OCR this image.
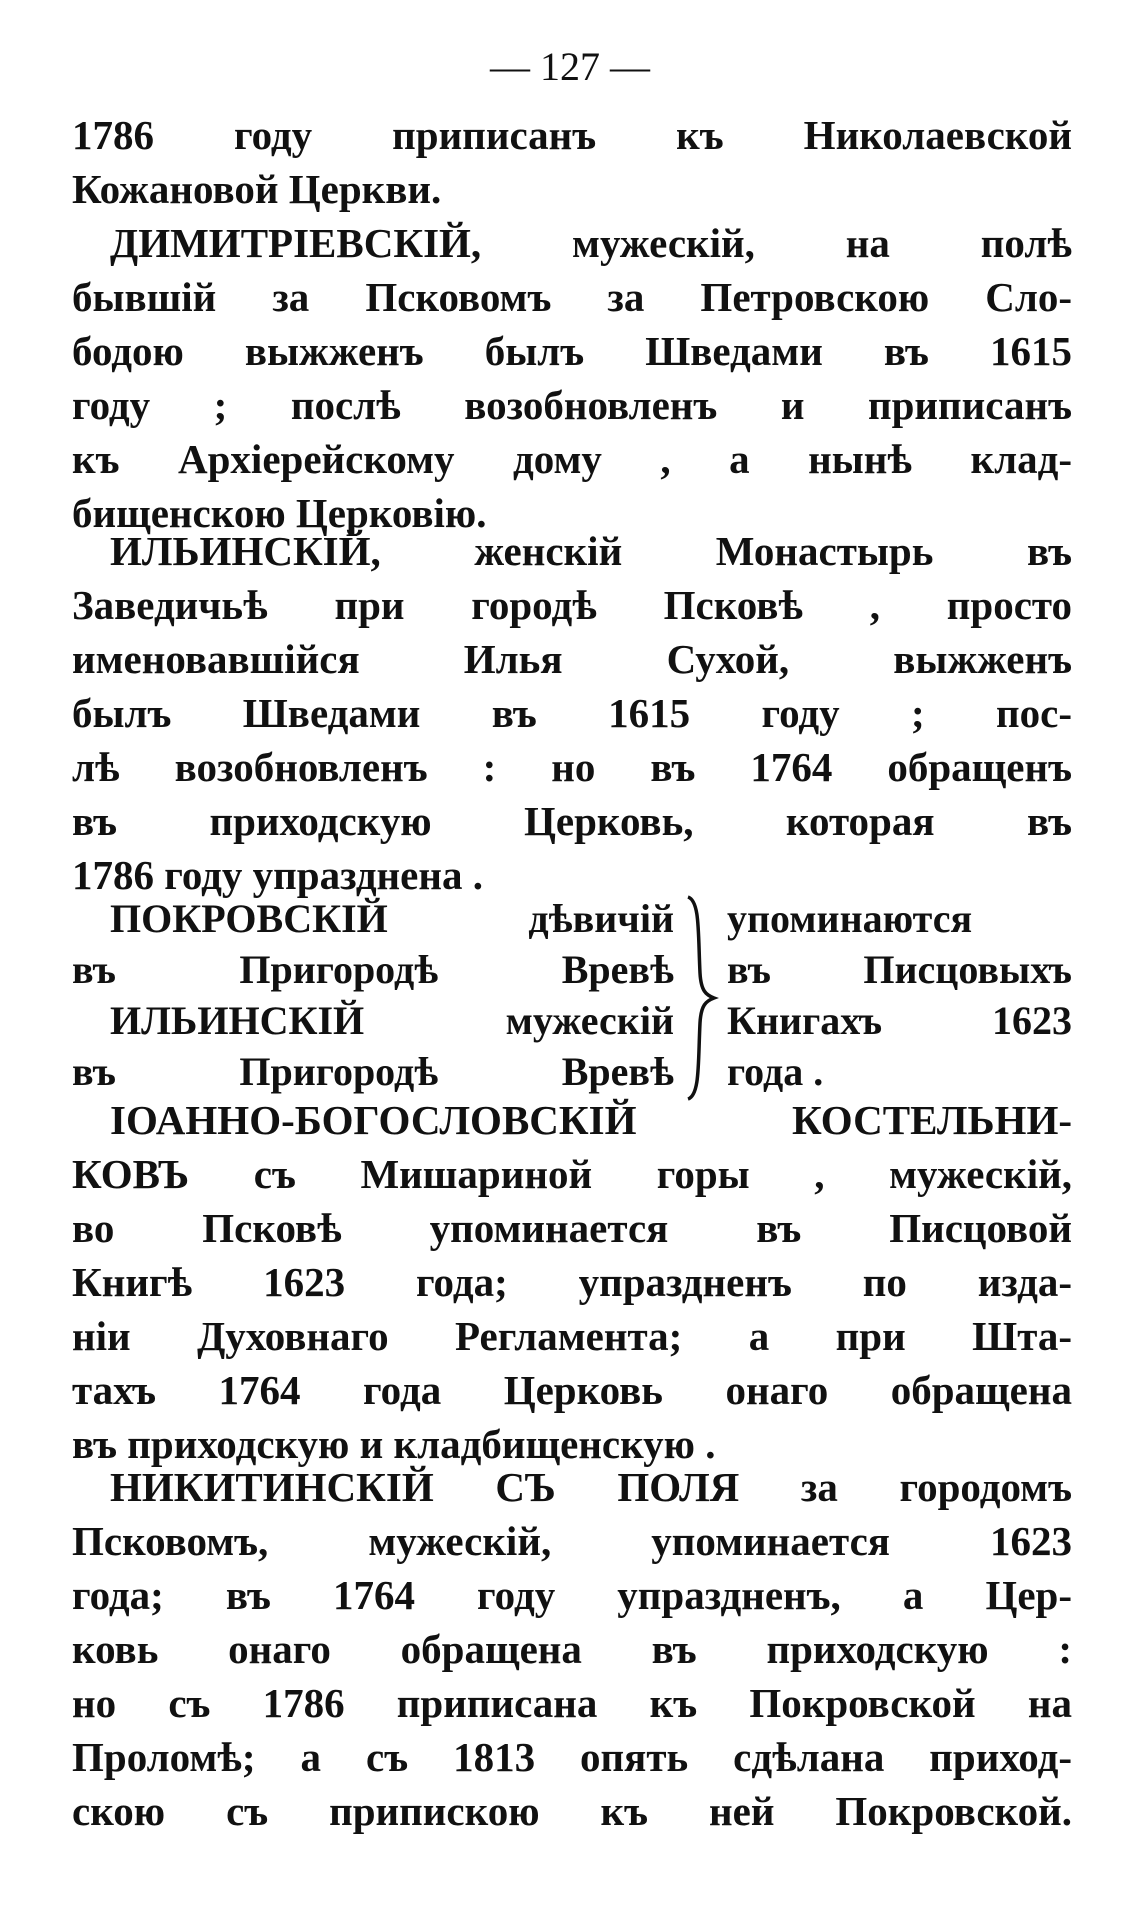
— 127 —
1786 году приписанъ къ Николаевской
Кожановой Церкви.
ДИМИТРІЕВСКІЙ, мужескій, на полѣ
бывшій за Псковомъ за Петровскою Сло-
бодою выжженъ былъ Шведами въ 1615
году ; послѣ возобновленъ и приписанъ
къ Архіерейскому дому , а нынѣ клад-
бищенскою Церковію.
ИЛЬИНСКІЙ, женскій Монастырь въ
Заведичьѣ при городѣ Псковѣ , просто
именовавшійся Илья Сухой, выжженъ
былъ Шведами въ 1615 году ; пос-
лѣ возобновленъ : но въ 1764 обращенъ
въ приходскую Церковь, которая въ
1786 году упразднена .
ПОКРОВСКІЙ дѣвичій
въ Пригородѣ Вревѣ
ИЛЬИНСКІЙ мужескій
въ Пригородѣ Вревѣ
упоминаются
въ Писцовыхъ
Книгахъ 1623
года .
ІОАННО-БОГОСЛОВСКІЙ КОСТЕЛЬНИ-
КОВЪ съ Мишариной горы , мужескій,
во Псковѣ упоминается въ Писцовой
Книгѣ 1623 года; упраздненъ по изда-
ніи Духовнаго Регламента; а при Шта-
тахъ 1764 года Церковь онаго обращена
въ приходскую и кладбищенскую .
НИКИТИНСКІЙ СЪ ПОЛЯ за городомъ
Псковомъ, мужескій, упоминается 1623
года; въ 1764 году упраздненъ, а Цер-
ковь онаго обращена въ приходскую :
но съ 1786 приписана къ Покровской на
Проломѣ; а съ 1813 опять сдѣлана приход-
скою съ припискою къ ней Покровской.
